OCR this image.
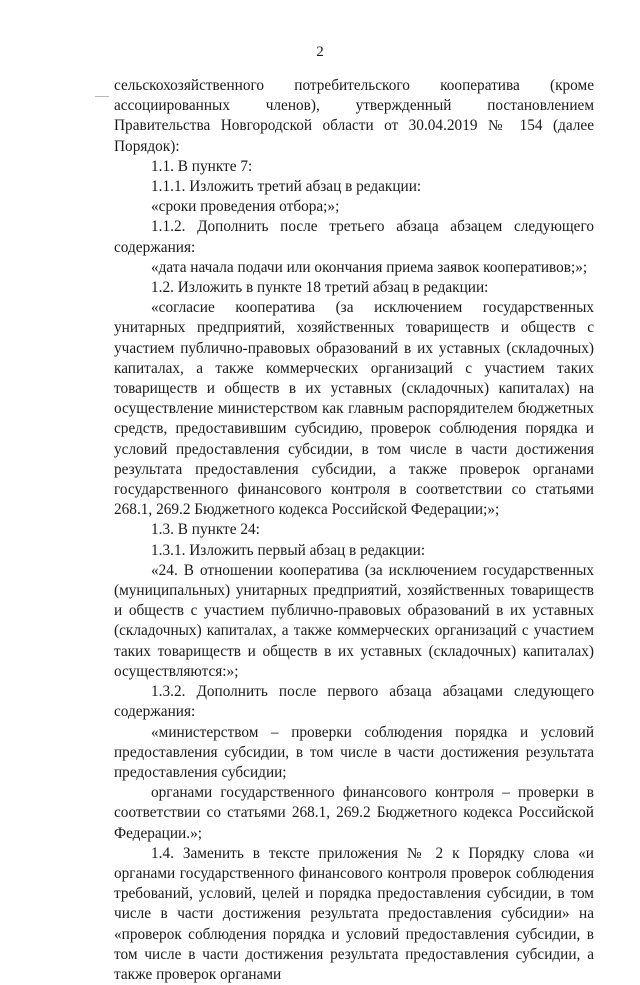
2

сельскохозяйственного потребительского кооператива (кроме ассоциированных членов), утвержденный постановлением Правительства Новгородской области от 30.04.2019 № 154 (далее Порядок):

1.1. В пункте 7:

1.1.1. Изложить третий абзац в редакции:

«сроки проведения отбора;»;

1.1.2. Дополнить после третьего абзаца абзацем следующего содержания:

«дата начала подачи или окончания приема заявок кооперативов;»;

1.2. Изложить в пункте 18 третий абзац в редакции:

«согласие кооператива (за исключением государственных унитарных предприятий, хозяйственных товариществ и обществ с участием публично-правовых образований в их уставных (складочных) капиталах, а также коммерческих организаций с участием таких товариществ и обществ в их уставных (складочных) капиталах) на осуществление министерством как главным распорядителем бюджетных средств, предоставившим субсидию, проверок соблюдения порядка и условий предоставления субсидии, в том числе в части достижения результата предоставления субсидии, а также проверок органами государственного финансового контроля в соответствии со статьями 268.1, 269.2 Бюджетного кодекса Российской Федерации;»;

1.3. В пункте 24:

1.3.1. Изложить первый абзац в редакции:

«24. В отношении кооператива (за исключением государственных (муниципальных) унитарных предприятий, хозяйственных товариществ и обществ с участием публично-правовых образований в их уставных (складочных) капиталах, а также коммерческих организаций с участием таких товариществ и обществ в их уставных (складочных) капиталах) осуществляются:»;

1.3.2. Дополнить после первого абзаца абзацами следующего содержания:

«министерством – проверки соблюдения порядка и условий предоставления субсидии, в том числе в части достижения результата предоставления субсидии;

органами государственного финансового контроля – проверки в соответствии со статьями 268.1, 269.2 Бюджетного кодекса Российской Федерации.»;

1.4. Заменить в тексте приложения № 2 к Порядку слова «и органами государственного финансового контроля проверок соблюдения требований, условий, целей и порядка предоставления субсидии, в том числе в части достижения результата предоставления субсидии» на «проверок соблюдения порядка и условий предоставления субсидии, в том числе в части достижения результата предоставления субсидии, а также проверок органами
